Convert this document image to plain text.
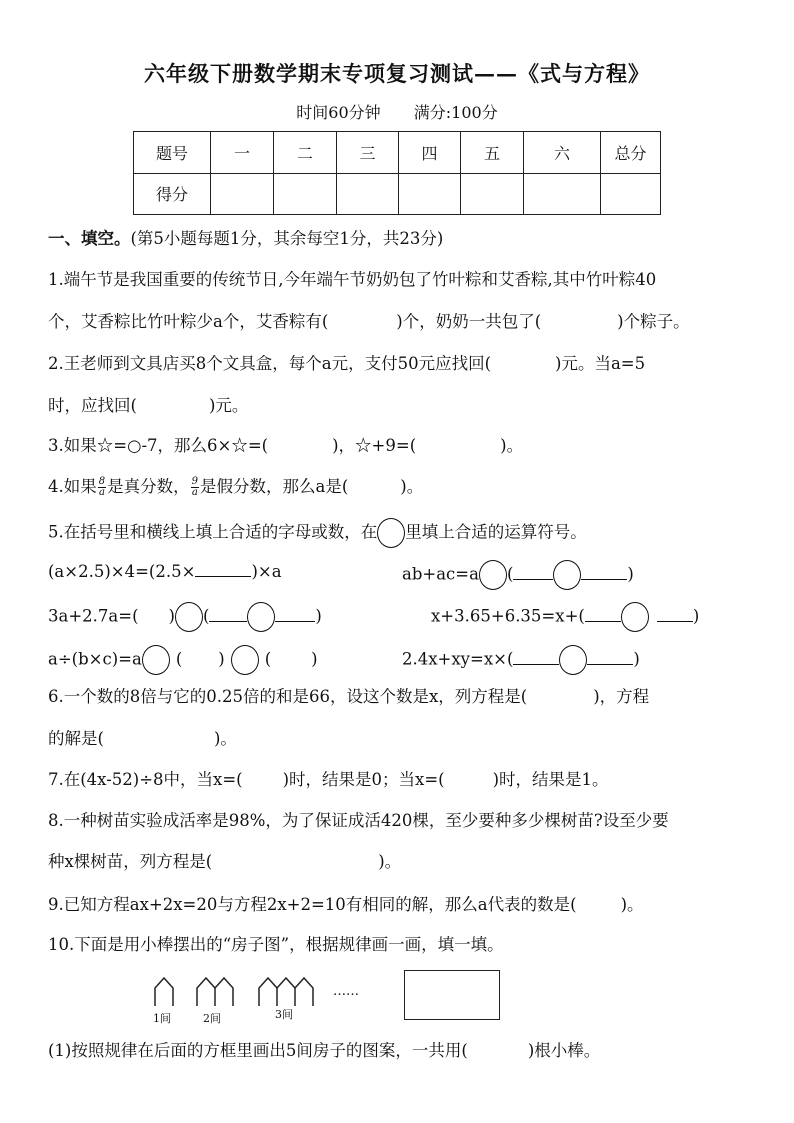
六年级下册数学期末专项复习测试——《式与方程》
时间60分钟 满分:100分
题号	一	二	三	四	五	六	总分
得分							
一、填空。(第5小题每题1分，其余每空1分，共23分)
1.端午节是我国重要的传统节日,今年端午节奶奶包了竹叶粽和艾香粽,其中竹叶粽40
个，艾香粽比竹叶粽少a个，艾香粽有(	)个，奶奶一共包了(	)个粽子。
2.王老师到文具店买8个文具盒，每个a元，支付50元应找回(	)元。当a=5
时，应找回(	)元。
3.如果☆=○-7，那么6×☆=(	)，☆+9=(	)。
4.如果 $\frac{8}{a}$ 是真分数， $\frac{9}{a}$ 是假分数，那么a是(	)。
5.在括号里和横线上填上合适的字母或数，在 里填上合适的运算符号。
(a×2.5)×4=(2.5×	)×a	ab+ac=a (	)
3a+2.7a=( ) (	)	x+3.65+6.35=x+(	)
a÷(b×c)=a ( ) ( )	2.4x+xy=x×(	)
6.一个数的8倍与它的0.25倍的和是66，设这个数是x，列方程是(	)，方程
的解是(	)。
7.在(4x-52)÷8中，当x=( )时，结果是0；当x=(	)时，结果是1。
8.一种树苗实验成活率是98%，为了保证成活420棵，至少要种多少棵树苗?设至少要
种x棵树苗，列方程是(	)。
9.已知方程ax+2x=20与方程2x+2=10有相同的解，那么a代表的数是(	)。
10.下面是用小棒摆出的“房子图”，根据规律画一画，填一填。
1间	2间	3间
……
(1)按照规律在后面的方框里画出5间房子的图案，一共用(	)根小棒。
